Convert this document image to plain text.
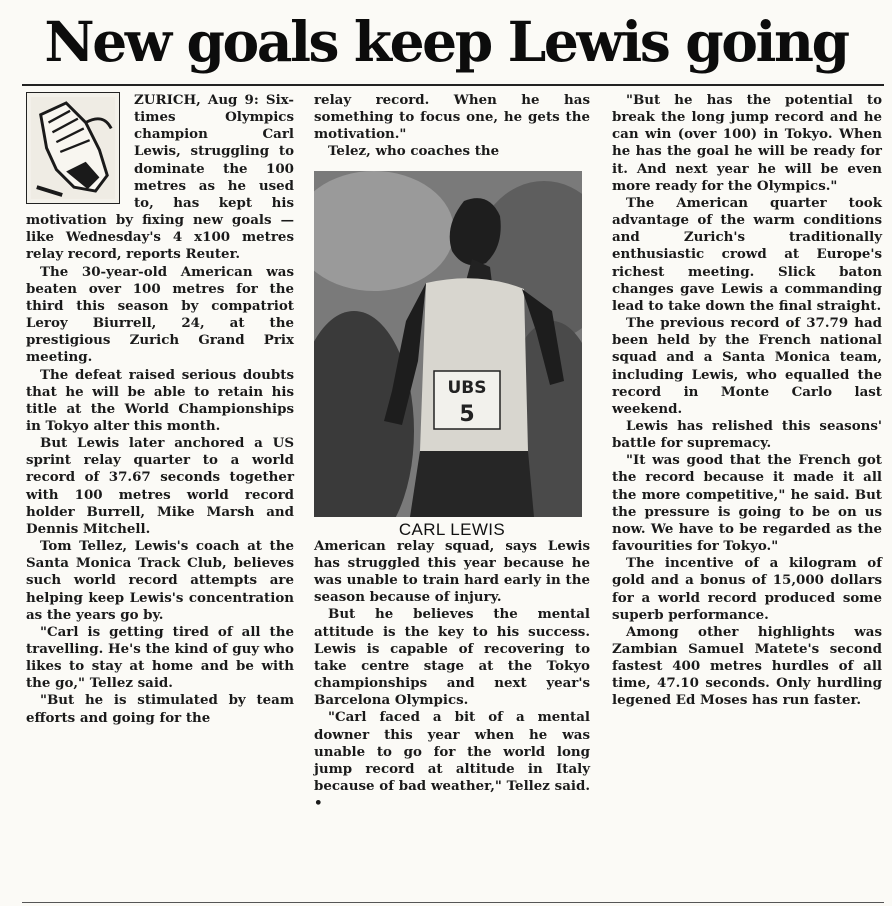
New goals keep Lewis going

ZURICH, Aug 9: Six-times Olympics champion Carl Lewis, struggling to dominate the 100 metres as he used to, has kept his motivation by fixing new goals — like Wednesday's 4 x100 metres relay record, reports Reuter.

The 30-year-old American was beaten over 100 metres for the third this season by compatriot Leroy Biurrell, 24, at the prestigious Zurich Grand Prix meeting.

The defeat raised serious doubts that he will be able to retain his title at the World Championships in Tokyo alter this month.

But Lewis later anchored a US sprint relay quarter to a world record of 37.67 seconds together with 100 metres world record holder Burrell, Mike Marsh and Dennis Mitchell.

Tom Tellez, Lewis's coach at the Santa Monica Track Club, believes such world record attempts are helping keep Lewis's concentration as the years go by.

"Carl is getting tired of all the travelling. He's the kind of guy who likes to stay at home and be with the go," Tellez said.

"But he is stimulated by team efforts and going for the

relay record. When he has something to focus one, he gets the motivation."

Telez, who coaches the

UBS
5

CARL LEWIS

American relay squad, says Lewis has struggled this year because he was unable to train hard early in the season because of injury.

But he believes the mental attitude is the key to his success. Lewis is capable of recovering to take centre stage at the Tokyo championships and next year's Barcelona Olympics.

"Carl faced a bit of a mental downer this year when he was unable to go for the world long jump record at altitude in Italy because of bad weather," Tellez said. •

"But he has the potential to break the long jump record and he can win (over 100) in Tokyo. When he has the goal he will be ready for it. And next year he will be even more ready for the Olympics."

The American quarter took advantage of the warm conditions and Zurich's traditionally enthusiastic crowd at Europe's richest meeting. Slick baton changes gave Lewis a commanding lead to take down the final straight.

The previous record of 37.79 had been held by the French national squad and a Santa Monica team, including Lewis, who equalled the record in Monte Carlo last weekend.

Lewis has relished this seasons' battle for supremacy.

"It was good that the French got the record because it made it all the more competitive," he said. But the pressure is going to be on us now. We have to be regarded as the favourities for Tokyo."

The incentive of a kilogram of gold and a bonus of 15,000 dollars for a world record produced some superb performance.

Among other highlights was Zambian Samuel Matete's second fastest 400 metres hurdles of all time, 47.10 seconds. Only hurdling legened Ed Moses has run faster.
